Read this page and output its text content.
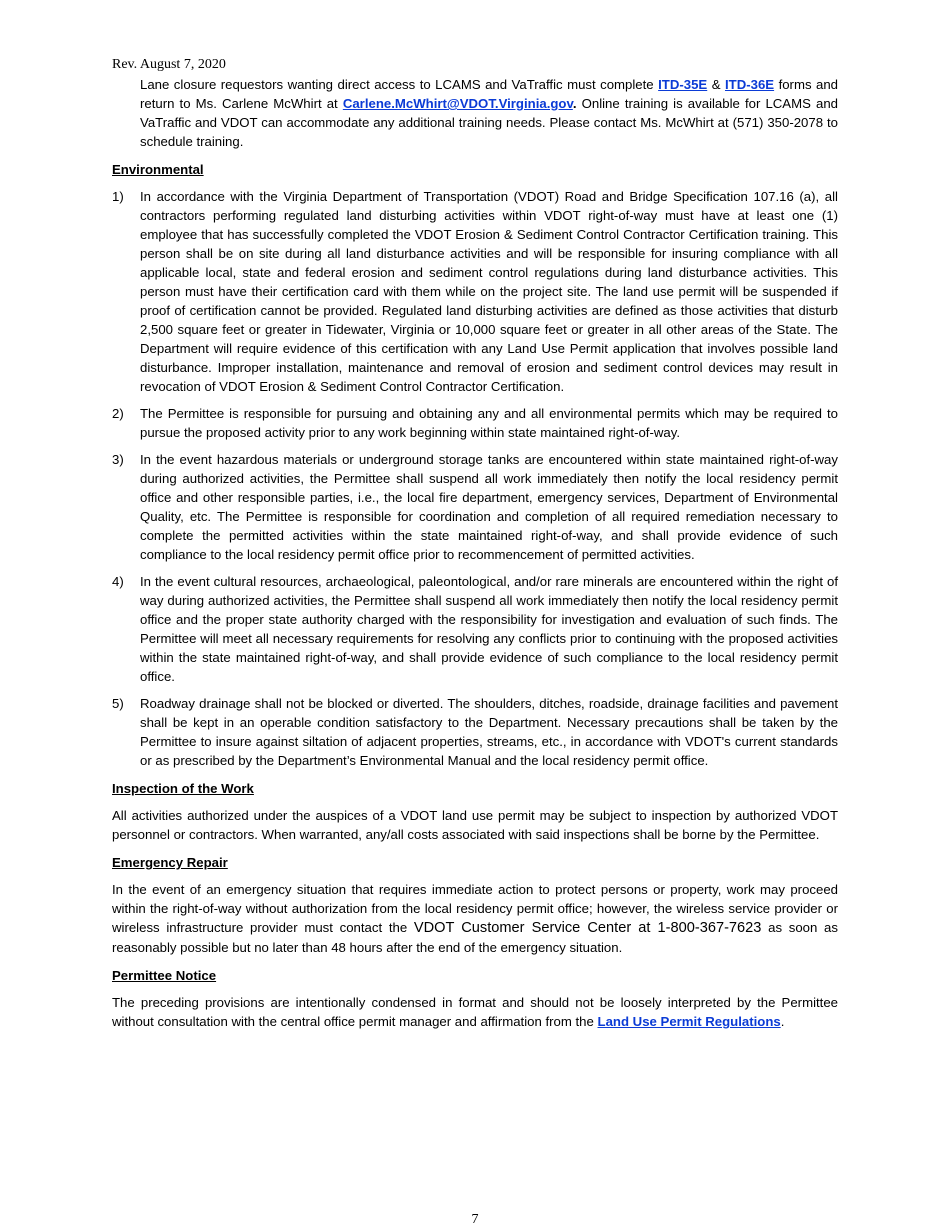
Rev. August 7, 2020
Lane closure requestors wanting direct access to LCAMS and VaTraffic must complete ITD-35E & ITD-36E forms and return to Ms. Carlene McWhirt at Carlene.McWhirt@VDOT.Virginia.gov. Online training is available for LCAMS and VaTraffic and VDOT can accommodate any additional training needs. Please contact Ms. McWhirt at (571) 350-2078 to schedule training.
Environmental
1) In accordance with the Virginia Department of Transportation (VDOT) Road and Bridge Specification 107.16 (a), all contractors performing regulated land disturbing activities within VDOT right-of-way must have at least one (1) employee that has successfully completed the VDOT Erosion & Sediment Control Contractor Certification training. This person shall be on site during all land disturbance activities and will be responsible for insuring compliance with all applicable local, state and federal erosion and sediment control regulations during land disturbance activities. This person must have their certification card with them while on the project site. The land use permit will be suspended if proof of certification cannot be provided. Regulated land disturbing activities are defined as those activities that disturb 2,500 square feet or greater in Tidewater, Virginia or 10,000 square feet or greater in all other areas of the State. The Department will require evidence of this certification with any Land Use Permit application that involves possible land disturbance. Improper installation, maintenance and removal of erosion and sediment control devices may result in revocation of VDOT Erosion & Sediment Control Contractor Certification.
2) The Permittee is responsible for pursuing and obtaining any and all environmental permits which may be required to pursue the proposed activity prior to any work beginning within state maintained right-of-way.
3) In the event hazardous materials or underground storage tanks are encountered within state maintained right-of-way during authorized activities, the Permittee shall suspend all work immediately then notify the local residency permit office and other responsible parties, i.e., the local fire department, emergency services, Department of Environmental Quality, etc. The Permittee is responsible for coordination and completion of all required remediation necessary to complete the permitted activities within the state maintained right-of-way, and shall provide evidence of such compliance to the local residency permit office prior to recommencement of permitted activities.
4) In the event cultural resources, archaeological, paleontological, and/or rare minerals are encountered within the right of way during authorized activities, the Permittee shall suspend all work immediately then notify the local residency permit office and the proper state authority charged with the responsibility for investigation and evaluation of such finds. The Permittee will meet all necessary requirements for resolving any conflicts prior to continuing with the proposed activities within the state maintained right-of-way, and shall provide evidence of such compliance to the local residency permit office.
5) Roadway drainage shall not be blocked or diverted. The shoulders, ditches, roadside, drainage facilities and pavement shall be kept in an operable condition satisfactory to the Department. Necessary precautions shall be taken by the Permittee to insure against siltation of adjacent properties, streams, etc., in accordance with VDOT's current standards or as prescribed by the Department’s Environmental Manual and the local residency permit office.
Inspection of the Work
All activities authorized under the auspices of a VDOT land use permit may be subject to inspection by authorized VDOT personnel or contractors. When warranted, any/all costs associated with said inspections shall be borne by the Permittee.
Emergency Repair
In the event of an emergency situation that requires immediate action to protect persons or property, work may proceed within the right-of-way without authorization from the local residency permit office; however, the wireless service provider or wireless infrastructure provider must contact the VDOT Customer Service Center at 1-800-367-7623 as soon as reasonably possible but no later than 48 hours after the end of the emergency situation.
Permittee Notice
The preceding provisions are intentionally condensed in format and should not be loosely interpreted by the Permittee without consultation with the central office permit manager and affirmation from the Land Use Permit Regulations.
7
